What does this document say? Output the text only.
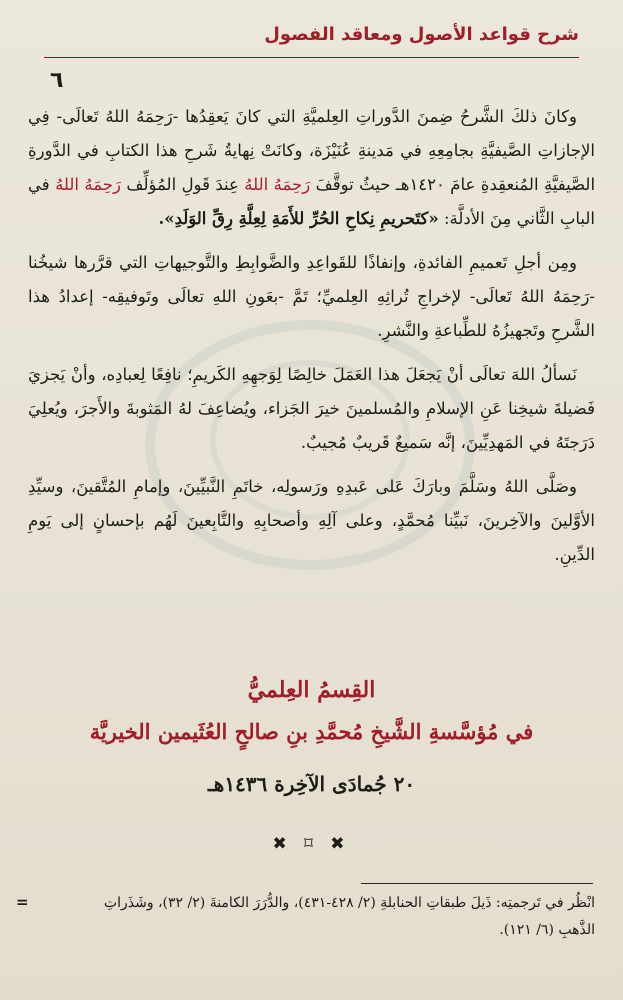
شرح قواعد الأصول ومعاقد الفصول
٦

وكانَ ذلكَ الشَّرحُ ضِمنَ الدَّوراتِ العِلميَّةِ التي كانَ يَعقِدُها -رَحِمَهُ اللهُ تَعالَى- فِي الإجازاتِ الصَّيفيَّةِ بجامِعِهِ في مَدينةِ عُنَيْزَة، وكانَتْ نِهايةُ شَرحِ هذا الكتابِ في الدَّورةِ الصَّيفيَّةِ المُنعقِدةِ عامَ ١٤٢٠هـ حيثُ توقَّفَ رَحِمَهُ اللهُ عِندَ قَولِ المُؤلِّف رَحِمَهُ اللهُ في البابِ الثَّاني مِنَ الأدلَّة: «كتَحريمِ نِكاحِ الحُرِّ للأَمَةِ لِعِلَّةِ رِقِّ الوَلَدِ».

ومِن أجلِ تَعميمِ الفائدةِ، وإنفاذًا للقَواعِدِ والضَّوابِطِ والتَّوجيهاتِ التي قرَّرها شيخُنا -رَحِمَهُ اللهُ تَعالَى- لإخراجِ تُراثِهِ العِلميِّ؛ تَمَّ -بعَونِ اللهِ تعالَى وتَوفيقِه- إعدادُ هذا الشَّرحِ وتَجهيزُهُ للطِّباعةِ والنَّشرِ.

نَسألُ اللهَ تعالَى أنْ يَجعَلَ هذا العَمَلَ خالِصًا لِوَجهِهِ الكَريمِ؛ نافِعًا لِعبادِه، وأنْ يَجزيَ فَضيلةَ شيخِنا عَنِ الإسلامِ والمُسلمينَ خيرَ الجَزاء، ويُضاعِفَ لهُ المَثوبةَ والأَجرَ، ويُعلِيَ دَرَجتَهُ في المَهدِيِّينَ، إنَّه سَميعٌ قَريبٌ مُجيبٌ.

وصَلَّى اللهُ وسَلَّمَ وبارَكَ عَلى عَبدِهِ ورَسولِه، خاتَمِ النَّبيِّينَ، وإمامِ المُتَّقينَ، وسيِّدِ الأوَّلينَ والآخِرينَ، نَبيِّنا مُحمَّدٍ، وعلى آلِهِ وأصحابِهِ والتَّابِعينَ لَهُم بإحسانٍ إلى يَومِ الدِّينِ.

القِسمُ العِلميُّ
في مُؤسَّسةِ الشَّيخِ مُحمَّدِ بنِ صالحٍ العُثَيمين الخيريَّة
٢٠ جُمادَى الآخِرة ١٤٣٦هـ
✖ ⌑ ✖
=	انْظُر في تَرجمتِه: ذَيلَ طبقاتِ الحنابلةِ (٢/ ٤٢٨-٤٣١)، والدُّرَرَ الكامنةَ (٢/ ٣٢)، وشَذَراتِ
الذَّهبِ (٦/ ١٢١).
